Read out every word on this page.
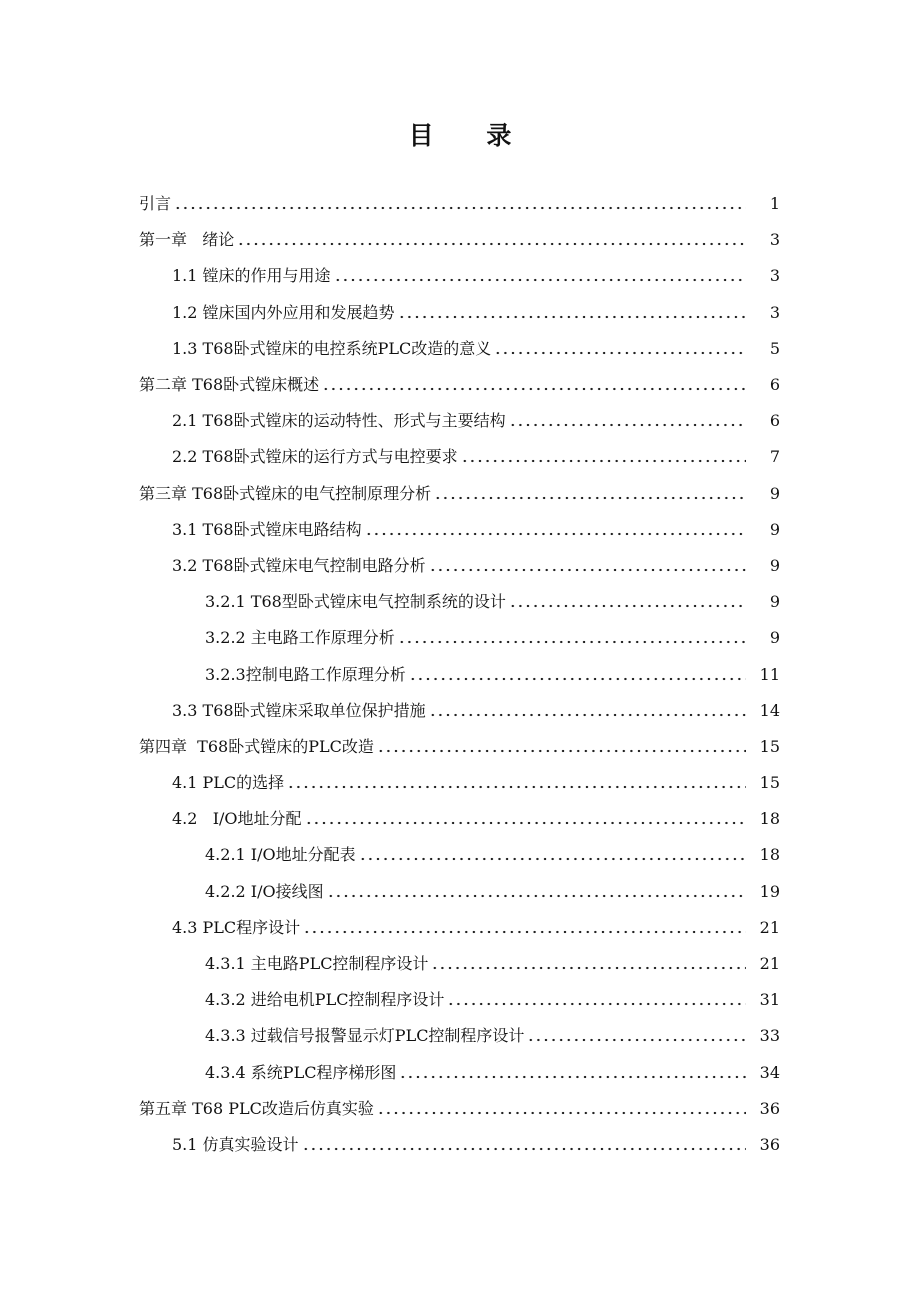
目 录
引言	1
第一章   绪论	3
1.1 镗床的作用与用途	3
1.2 镗床国内外应用和发展趋势	3
1.3 T68卧式镗床的电控系统PLC改造的意义	5
第二章 T68卧式镗床概述	6
2.1 T68卧式镗床的运动特性、形式与主要结构	6
2.2 T68卧式镗床的运行方式与电控要求	7
第三章 T68卧式镗床的电气控制原理分析	9
3.1 T68卧式镗床电路结构	9
3.2 T68卧式镗床电气控制电路分析	9
3.2.1 T68型卧式镗床电气控制系统的设计	9
3.2.2 主电路工作原理分析	9
3.2.3控制电路工作原理分析	11
3.3 T68卧式镗床采取单位保护措施	14
第四章  T68卧式镗床的PLC改造	15
4.1 PLC的选择	15
4.2   I/O地址分配	18
4.2.1 I/O地址分配表	18
4.2.2 I/O接线图	19
4.3 PLC程序设计	21
4.3.1 主电路PLC控制程序设计	21
4.3.2 进给电机PLC控制程序设计	31
4.3.3 过载信号报警显示灯PLC控制程序设计	33
4.3.4 系统PLC程序梯形图	34
第五章 T68 PLC改造后仿真实验	36
5.1 仿真实验设计	36
